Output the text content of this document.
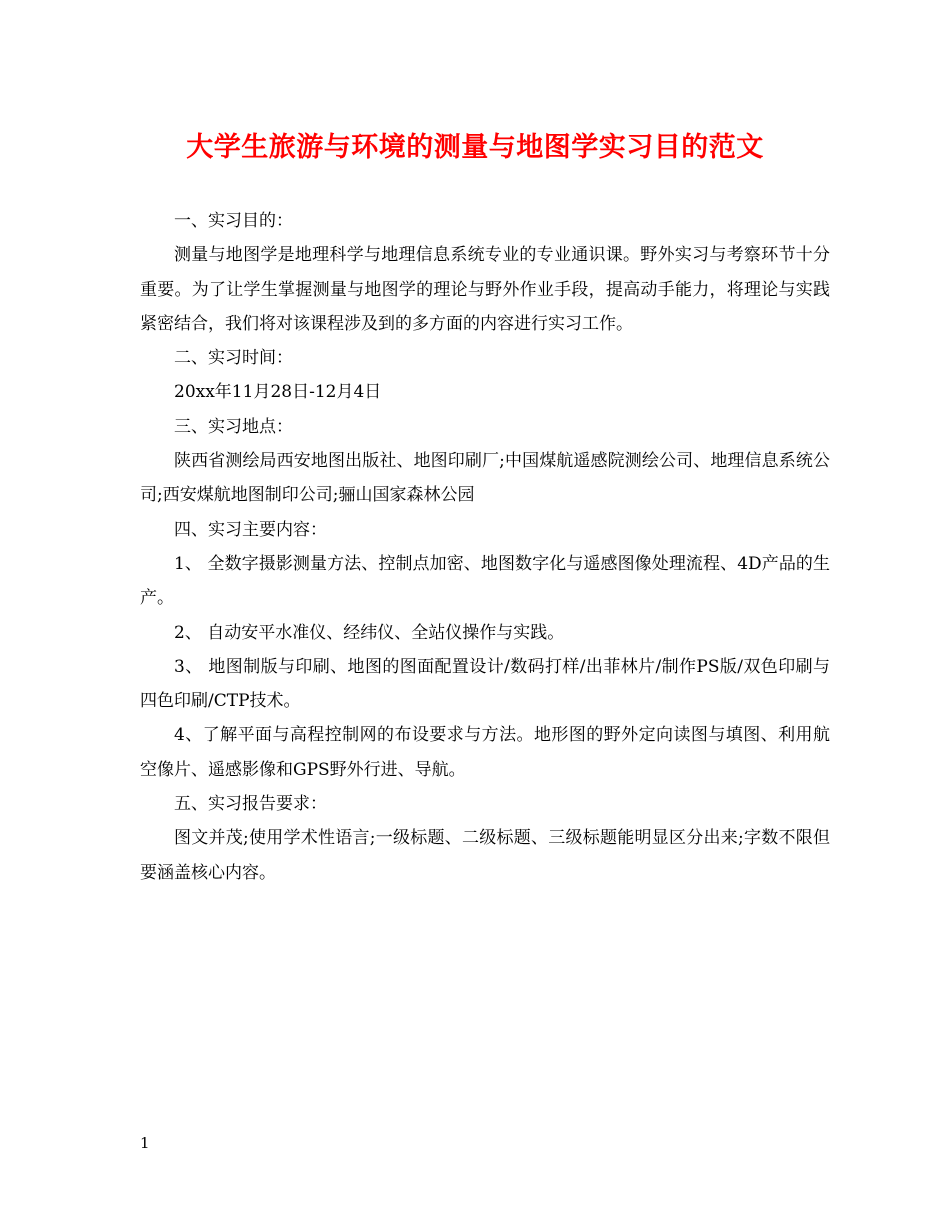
大学生旅游与环境的测量与地图学实习目的范文

一、实习目的：

测量与地图学是地理科学与地理信息系统专业的专业通识课。野外实习与考察环节十分重要。为了让学生掌握测量与地图学的理论与野外作业手段，提高动手能力，将理论与实践紧密结合，我们将对该课程涉及到的多方面的内容进行实习工作。

二、实习时间：

20xx年11月28日-12月4日

三、实习地点：

陕西省测绘局西安地图出版社、地图印刷厂;中国煤航遥感院测绘公司、地理信息系统公司;西安煤航地图制印公司;骊山国家森林公园

四、实习主要内容：

1、 全数字摄影测量方法、控制点加密、地图数字化与遥感图像处理流程、4D产品的生产。

2、 自动安平水准仪、经纬仪、全站仪操作与实践。

3、 地图制版与印刷、地图的图面配置设计/数码打样/出菲林片/制作PS版/双色印刷与四色印刷/CTP技术。

4、了解平面与高程控制网的布设要求与方法。地形图的野外定向读图与填图、利用航空像片、遥感影像和GPS野外行进、导航。

五、实习报告要求：

图文并茂;使用学术性语言;一级标题、二级标题、三级标题能明显区分出来;字数不限但要涵盖核心内容。

1
